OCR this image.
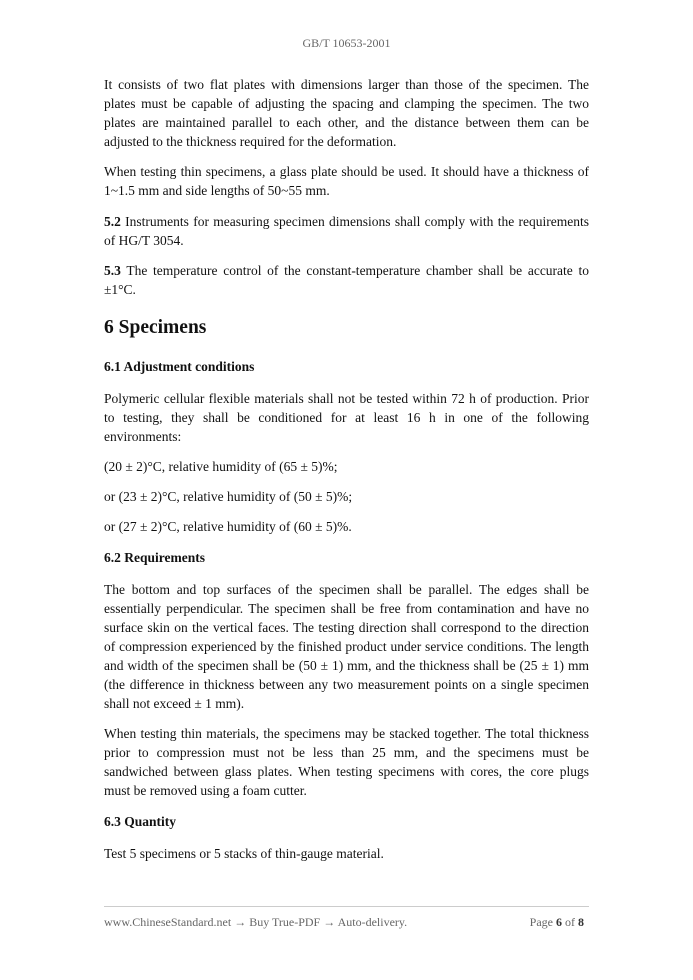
GB/T 10653-2001

It consists of two flat plates with dimensions larger than those of the specimen. The plates must be capable of adjusting the spacing and clamping the specimen. The two plates are maintained parallel to each other, and the distance between them can be adjusted to the thickness required for the deformation.

When testing thin specimens, a glass plate should be used. It should have a thickness of 1~1.5 mm and side lengths of 50~55 mm.

5.2 Instruments for measuring specimen dimensions shall comply with the requirements of HG/T 3054.

5.3 The temperature control of the constant-temperature chamber shall be accurate to ±1°C.

6 Specimens
6.1 Adjustment conditions

Polymeric cellular flexible materials shall not be tested within 72 h of production. Prior to testing, they shall be conditioned for at least 16 h in one of the following environments:

(20 ± 2)°C, relative humidity of (65 ± 5)%;

or (23 ± 2)°C, relative humidity of (50 ± 5)%;

or (27 ± 2)°C, relative humidity of (60 ± 5)%.

6.2 Requirements

The bottom and top surfaces of the specimen shall be parallel. The edges shall be essentially perpendicular. The specimen shall be free from contamination and have no surface skin on the vertical faces. The testing direction shall correspond to the direction of compression experienced by the finished product under service conditions. The length and width of the specimen shall be (50 ± 1) mm, and the thickness shall be (25 ± 1) mm (the difference in thickness between any two measurement points on a single specimen shall not exceed ± 1 mm).

When testing thin materials, the specimens may be stacked together. The total thickness prior to compression must not be less than 25 mm, and the specimens must be sandwiched between glass plates. When testing specimens with cores, the core plugs must be removed using a foam cutter.

6.3 Quantity

Test 5 specimens or 5 stacks of thin-gauge material.

www.ChineseStandard.net → Buy True-PDF → Auto-delivery.	Page 6 of 8
